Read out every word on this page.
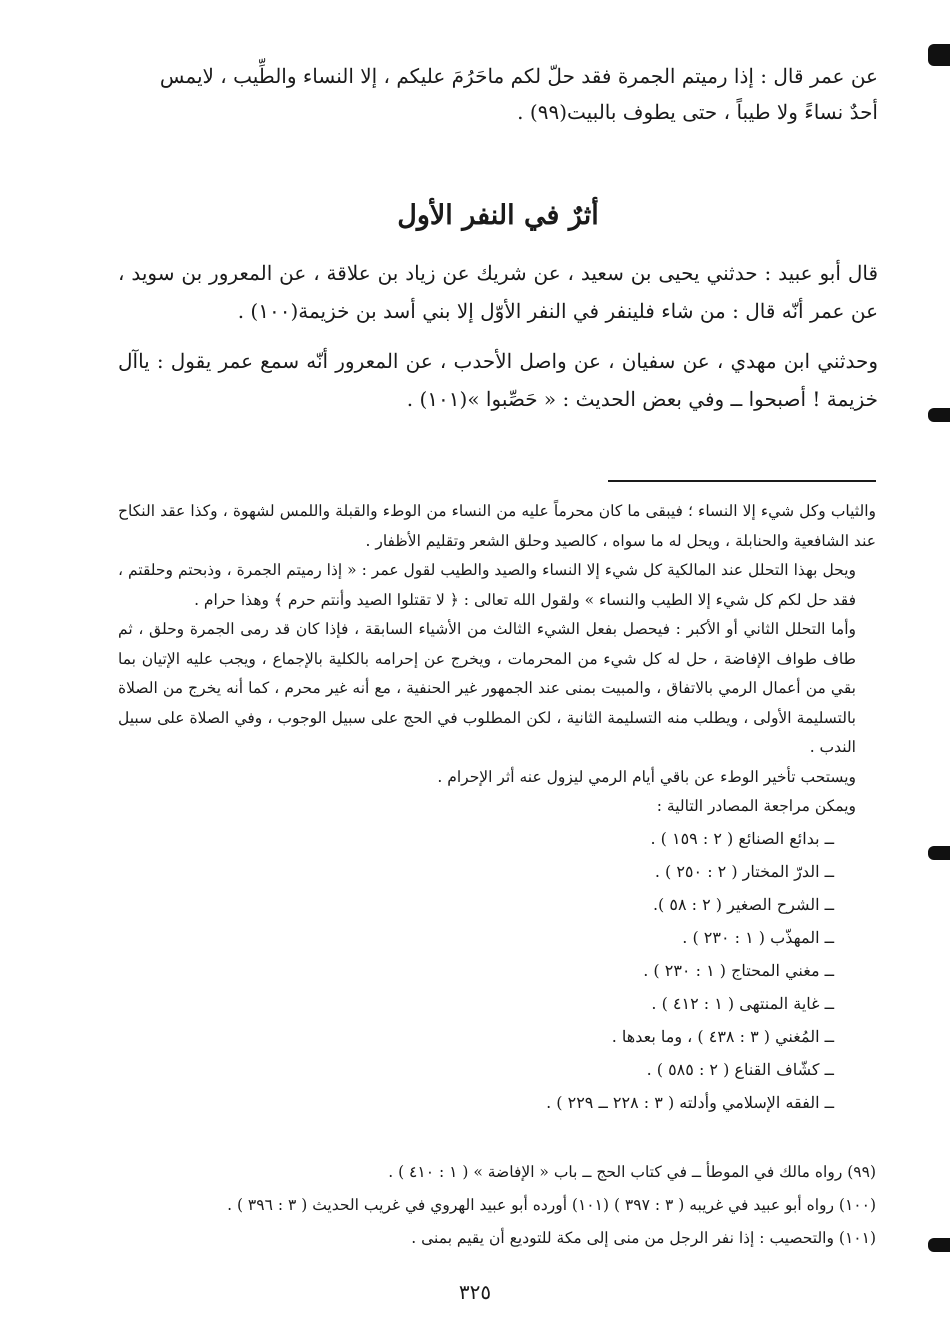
عن عمر قال : إذا رميتم الجمرة فقد حلّ لكم ماحَرُمَ عليكم ، إلا النساء والطِّيب ، لايمس

أحدٌ نساءً ولا طيباً ، حتى يطوف بالبيت(٩٩) .

أثرٌ في النفر الأول

قال أبو عبيد : حدثني يحيى بن سعيد ، عن شريك عن زياد بن علاقة ، عن المعرور بن سويد ، عن عمر أنّه قال : من شاء فلينفر في النفر الأوّل إلا بني أسد بن خزيمة(١٠٠) .

وحدثني ابن مهدي ، عن سفيان ، عن واصل الأحدب ، عن المعرور أنّه سمع عمر يقول : ياآل خزيمة ! أصبحوا ــ وفي بعض الحديث : « حَصِّبوا »(١٠١) .

والثياب وكل شيء إلا النساء ؛ فيبقى ما كان محرماً عليه من النساء من الوطء والقبلة واللمس لشهوة ، وكذا عقد النكاح عند الشافعية والحنابلة ، ويحل له ما سواه ، كالصيد وحلق الشعر وتقليم الأظفار .

ويحل بهذا التحلل عند المالكية كل شيء إلا النساء والصيد والطيب لقول عمر : « إذا رميتم الجمرة ، وذبحتم وحلقتم ، فقد حل لكم كل شيء إلا الطيب والنساء » ولقول الله تعالى : ﴿ لا تقتلوا الصيد وأنتم حرم ﴾ وهذا حرام .

وأما التحلل الثاني أو الأكبر : فيحصل بفعل الشيء الثالث من الأشياء السابقة ، فإذا كان قد رمى الجمرة وحلق ، ثم طاف طواف الإفاضة ، حل له كل شيء من المحرمات ، ويخرج عن إحرامه بالكلية بالإجماع ، ويجب عليه الإتيان بما بقي من أعمال الرمي بالاتفاق ، والمبيت بمنى عند الجمهور غير الحنفية ، مع أنه غير محرم ، كما أنه يخرج من الصلاة بالتسليمة الأولى ، ويطلب منه التسليمة الثانية ، لكن المطلوب في الحج على سبيل الوجوب ، وفي الصلاة على سبيل الندب .

ويستحب تأخير الوطء عن باقي أيام الرمي ليزول عنه أثر الإحرام .

ويمكن مراجعة المصادر التالية :

ــ بدائع الصنائع ( ٢ : ١٥٩ ) .
ــ الدرّ المختار ( ٢ : ٢٥٠ ) .
ــ الشرح الصغير ( ٢ : ٥٨ ).
ــ المهذّب ( ١ : ٢٣٠ ) .
ــ مغني المحتاج ( ١ : ٢٣٠ ) .
ــ غاية المنتهى ( ١ : ٤١٢ ) .
ــ المُغني ( ٣ : ٤٣٨ ) ، وما بعدها .
ــ كشّاف القناع ( ٢ : ٥٨٥ ) .
ــ الفقه الإسلامي وأدلته ( ٣ : ٢٢٨ ــ ٢٢٩ ) .

(٩٩) رواه مالك في الموطأ ــ في كتاب الحج ــ باب « الإفاضة » ( ١ : ٤١٠ ) .

(١٠٠) رواه أبو عبيد في غريبه ( ٣ : ٣٩٧ ) (١٠١) أورده أبو عبيد الهروي في غريب الحديث ( ٣ : ٣٩٦ ) .

(١٠١) والتحصيب : إذا نفر الرجل من منى إلى مكة للتوديع أن يقيم بمنى .

٣٢٥
